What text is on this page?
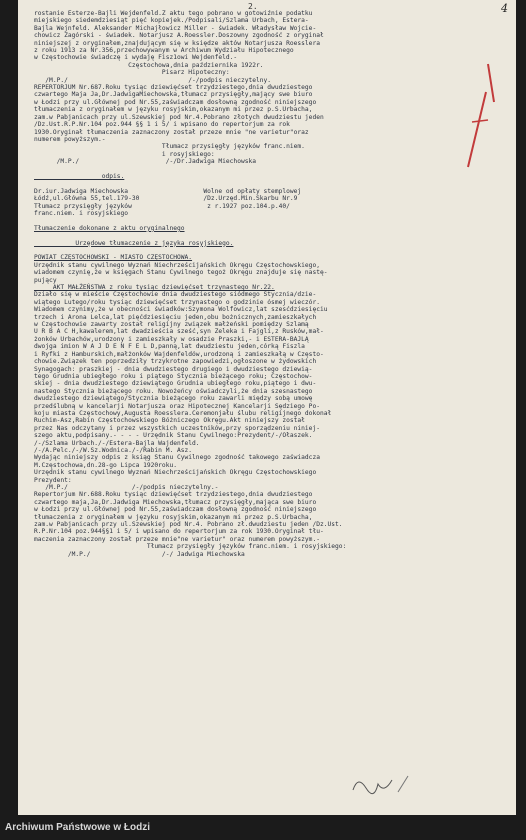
2.	4
rostanie Esterze-Bajli Wejdenfeld.Z aktu tego pobrano w gotowiźnie podatku
miejskiego siedemdziesiąt pięć kopiejek./Podpisali/Szlama Urbach, Estera-
Bajla Wejnfeld. Aleksander Michajłowicz Miller - świadek. Władysław Wojcie-
chowicz Zagórski - świadek. Notarjusz A.Roessler.Doszowny zgodność z oryginał
niniejszej z oryginałem,znajdującym się w księdze aktów Notarjusza Roesslera
z roku 1913 za Nr.356,przechowywanym w Archiwum Wydziału Hipotecznego
w Częstochowie świadczę i wydaję Fisz1owi Wejdenfeld.-
Częstochowa,dnia października 1922r.
Pisarz Hipoteczny:
/M.P./                                /-/podpis nieczytelny.
REPERTORJUM Nr.687.Roku tysiąc dziewięćset trzydziestego,dnia dwudziestego
czwartego Maja Ja,Dr.JadwigaMiechowska,tłumacz przysięgły,mający swe biuro
w Łodzi przy ul.Głównej pod Nr.55,zaświadczam dosłowną zgodność niniejszego
tłumaczenia z oryginałem w języku rosyjskim,okazanym mi przez p.S.Urbacha,
zam.w Pabjanicach przy ul.Szewskiej pod Nr.4.Pobrano złotych dwudziestu jeden
/Dz.Ust.R.P.Nr.104 poz.944 §§ 1 i 5/ i wpisano do repertorjum za rok
1930.Oryginał tłumaczenia zaznaczony został przeze mnie "ne varietur"oraz
numerem powyższym.-
Tłumacz przysięgły języków franc.niem.
i rosyjskiego:
/M.P./                       /-/Dr.Jadwiga Miechowska

odpis.

Dr.iur.Jadwiga Miechowska                    Wolne od opłaty stemplowej
Łódź,ul.Główna 55,tel.179-30                 /Dz.Urzęd.Min.Skarbu Nr.9
Tłumacz przysięgły języków                    z r.1927 poz.104.p.40/
franc.niem. i rosyjskiego

Tłumaczenie dokonane z aktu oryginalnego

Urzędowe tłumaczenie z języka rosyjskiego.

POWIAT CZĘSTOCHOWSKI - MIASTO CZĘSTOCHOWA.
Urzędnik stanu cywilnego Wyznań Niechrześcijańskich Okręgu Częstochowskiego,
wiadomem czynię,że w księgach Stanu Cywilnego tegoż Okręgu znajduje się nastę-
pujący
AKT MAŁŻEŃSTWA z roku tysiąc dziewięćset trzynastego Nr.22.
Działo się w mieście Częstochowie dnia dwudziestego siódmego Stycznia/dzie-
wiątego Lutego/roku tysiąc dziewięćset trzynastego o godzinie ósmej wieczór.
Wiadomem czynimy,że w obecności świadków:Szymona Wolfowicz,lat szesćdziesięciu
trzech i Arona Lelca,lat pięćdziesięciu jeden,obu bożnicznych,zamieszkałych
w Częstochowie zawarty został religijny związek małżeński pomiędzy Szlamą
U R B A C H,kawalerem,lat dwadzieścia sześć,syn Zeleka i Fajgli,z Rusków,mał-
żonków Urbachów,urodzony i zamieszkały w osadzie Praszki,- i ESTERA-BAJLĄ
dwojga imion W A J D E N F E L D,panną,lat dwudziestu jeden,córką Fiszla
i Ryfki z Hamburskich,małżonków Wajdenfeldów,urodzoną i zamieszkałą w Często-
chowie.Związek ten poprzedziły trzykrotne zapowiedzi,ogłoszone w żydowskich
Synagogach: praszkiej - dnia dwudziestego drugiego i dwudziestego dziewią-
tego Grudnia ubiegłego roku i piątego Stycznia bieżącego roku; Częstochow-
skiej - dnia dwudziestego dziewiątego Grudnia ubiegłego roku,piątego i dwu-
nastego Stycznia bieżącego roku. Nowożeńcy oświadczyli,że dnia szesnastego
dwudziestego dziewiątego/Stycznia bieżącego roku zawarli między sobą umowę
przedślubną w kancelarji Notarjusza oraz Hipotecznej Kancelarji Sędziego Po-
koju miasta Częstochowy,Augusta Roesslera.Ceremonjału ślubu religijnego dokonał
Ruchim-Asz,Rabin Częstochowskiego Bóżniczego Okręgu.Akt niniejszy został
przez Nas odczytany i przez wszystkich uczestników,przy sporządzeniu niniej-
szego aktu,podpisany.- - - - Urzędnik Stanu Cywilnego:Prezydent/-/Ołaszek.
/-/Szlama Urbach./-/Estera-Bajla Wajdenfeld.
/-/A.Pelc./-/W.Sz.Wodnica./-/Rabin M. Asz.
Wydając niniejszy odpis z ksiąg Stanu Cywilnego zgodność takowego zaświadcza
M.Częstochowa,dn.28-go Lipca 1920roku.
Urzędnik stanu cywilnego Wyznań Niechrześcijańskich Okręgu Częstochowskiego
Prezydent:
/M.P./                 /-/podpis nieczytelny.-
Repertorjum Nr.688.Roku tysiąc dziewięćset trzydziestego,dnia dwudziestego
czwartego maja,Ja,Dr.Jadwiga Miechowska,tłumacz przysięgły,mająca swe biuro
w Łodzi przy ul.Głównej pod Nr.55,zaświadczam dosłowną zgodność niniejszego
tłumaczenia z oryginałem w języku rosyjskim,okazanym mi przez p.S.Urbacha,
zam.w Pabjanicach przy ul.Szewskiej pod Nr.4. Pobrano zł.dwudziestu jeden /Dz.Ust.
R.P.Nr.104 poz.944§§1 i 5/ i wpisano do repertorjum za rok 1930.Oryginał tłu-
maczenia zaznaczony został przeze mnie"ne varietur" oraz numerem powyższym.-
Tłumacz przysięgły języków franc.niem. i rosyjskiego:
/M.P./                   /-/ Jadwiga Miechowska
Archiwum Państwowe w Łodzi
